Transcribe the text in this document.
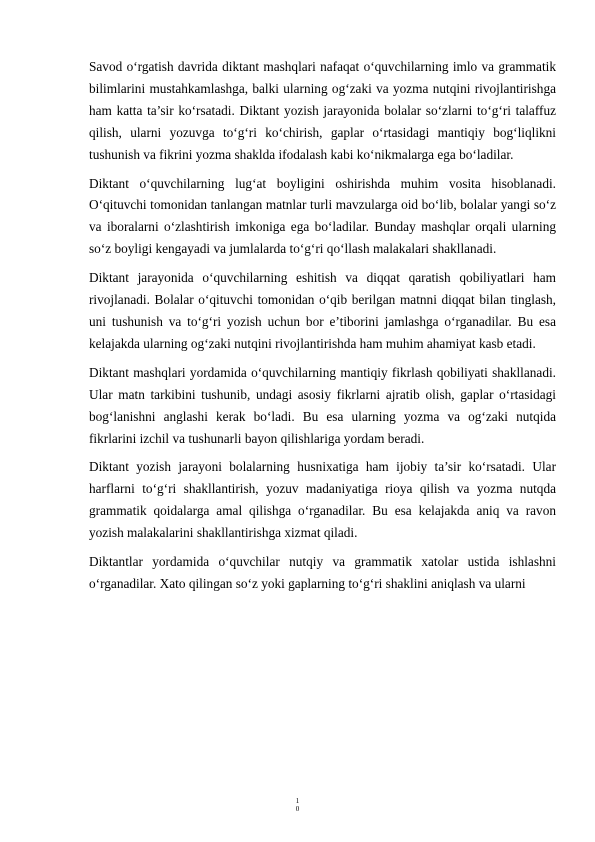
Savod o‘rgatish davrida diktant mashqlari nafaqat o‘quvchilarning imlo va grammatik bilimlarini mustahkamlashga, balki ularning og‘zaki va yozma nutqini rivojlantirishga ham katta ta’sir ko‘rsatadi. Diktant yozish jarayonida bolalar so‘zlarni to‘g‘ri talaffuz qilish, ularni yozuvga to‘g‘ri ko‘chirish, gaplar o‘rtasidagi mantiqiy bog‘liqlikni tushunish va fikrini yozma shaklda ifodalash kabi ko‘nikmalarga ega bo‘ladilar.

Diktant o‘quvchilarning lug‘at boyligini oshirishda muhim vosita hisoblanadi. O‘qituvchi tomonidan tanlangan matnlar turli mavzularga oid bo‘lib, bolalar yangi so‘z va iboralarni o‘zlashtirish imkoniga ega bo‘ladilar. Bunday mashqlar orqali ularning so‘z boyligi kengayadi va jumlalarda to‘g‘ri qo‘llash malakalari shakllanadi.

Diktant jarayonida o‘quvchilarning eshitish va diqqat qaratish qobiliyatlari ham rivojlanadi. Bolalar o‘qituvchi tomonidan o‘qib berilgan matnni diqqat bilan tinglash, uni tushunish va to‘g‘ri yozish uchun bor e’tiborini jamlashga o‘rganadilar. Bu esa kelajakda ularning og‘zaki nutqini rivojlantirishda ham muhim ahamiyat kasb etadi.

Diktant mashqlari yordamida o‘quvchilarning mantiqiy fikrlash qobiliyati shakllanadi. Ular matn tarkibini tushunib, undagi asosiy fikrlarni ajratib olish, gaplar o‘rtasidagi bog‘lanishni anglashi kerak bo‘ladi. Bu esa ularning yozma va og‘zaki nutqida fikrlarini izchil va tushunarli bayon qilishlariga yordam beradi.

Diktant yozish jarayoni bolalarning husnixatiga ham ijobiy ta’sir ko‘rsatadi. Ular harflarni to‘g‘ri shakllantirish, yozuv madaniyatiga rioya qilish va yozma nutqda grammatik qoidalarga amal qilishga o‘rganadilar. Bu esa kelajakda aniq va ravon yozish malakalarini shakllantirishga xizmat qiladi.

Diktantlar yordamida o‘quvchilar nutqiy va grammatik xatolar ustida ishlashni o‘rganadilar. Xato qilingan so‘z yoki gaplarning to‘g‘ri shaklini aniqlash va ularni

1
0
